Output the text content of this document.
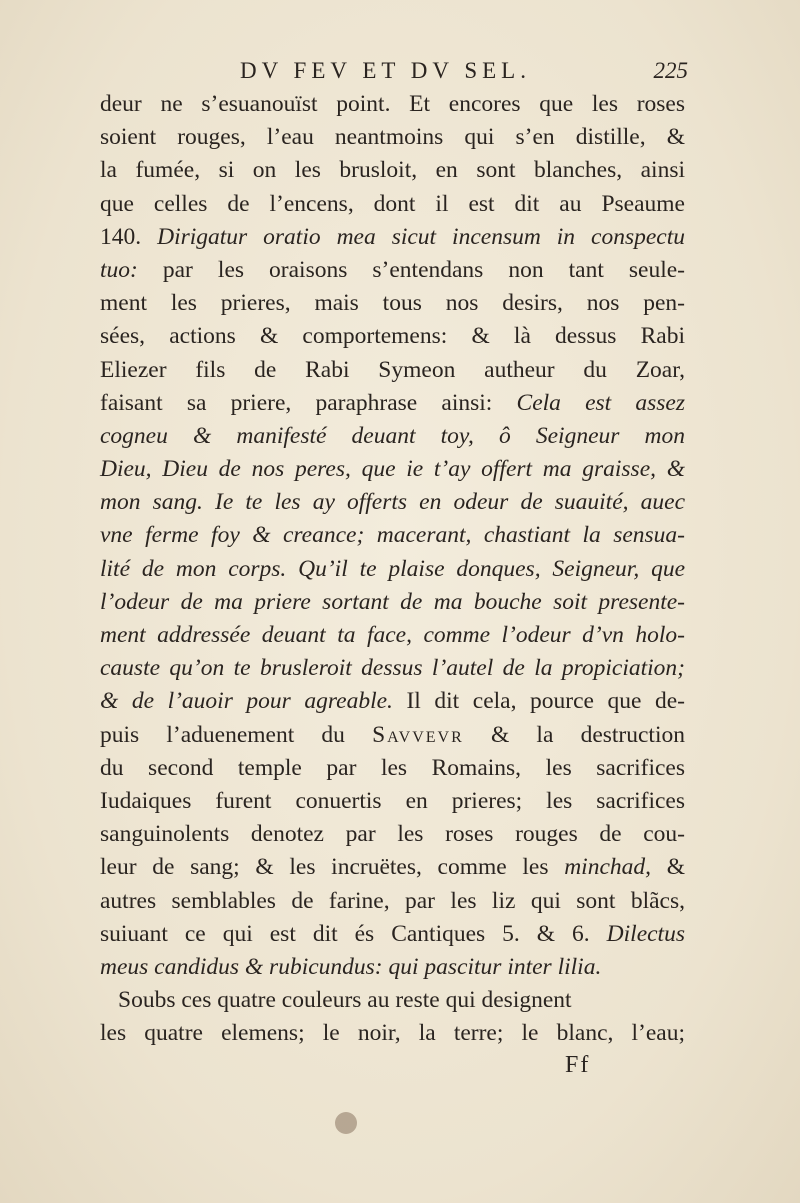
DV FEV ET DV SEL.	225
deur ne s’esuanouïst point. Et encores que les roses
soient rouges, l’eau neantmoins qui s’en distille, &
la fumée, si on les brusloit, en sont blanches, ainsi
que celles de l’encens, dont il est dit au Pseaume
140. Dirigatur oratio mea sicut incensum in conspectu
tuo: par les oraisons s’entendans non tant seule-
ment les prieres, mais tous nos desirs, nos pen-
sées, actions & comportemens: & là dessus Rabi
Eliezer fils de Rabi Symeon autheur du Zoar,
faisant sa priere, paraphrase ainsi: Cela est assez
cogneu & manifesté deuant toy, ô Seigneur mon
Dieu, Dieu de nos peres, que ie t’ay offert ma graisse, &
mon sang. Ie te les ay offerts en odeur de suauité, auec
vne ferme foy & creance; macerant, chastiant la sensua-
lité de mon corps. Qu’il te plaise donques, Seigneur, que
l’odeur de ma priere sortant de ma bouche soit presente-
ment addressée deuant ta face, comme l’odeur d’vn holo-
causte qu’on te brusleroit dessus l’autel de la propiciation;
& de l’auoir pour agreable. Il dit cela, pource que de-
puis l’aduenement du Savvevr & la destruction
du second temple par les Romains, les sacrifices
Iudaiques furent conuertis en prieres; les sacrifices
sanguinolents denotez par les roses rouges de cou-
leur de sang; & les incruëtes, comme les minchad, &
autres semblables de farine, par les liz qui sont blãcs,
suiuant ce qui est dit és Cantiques 5. & 6. Dilectus
meus candidus & rubicundus: qui pascitur inter lilia.
Soubs ces quatre couleurs au reste qui designent
les quatre elemens; le noir, la terre; le blanc, l’eau;
Ff
